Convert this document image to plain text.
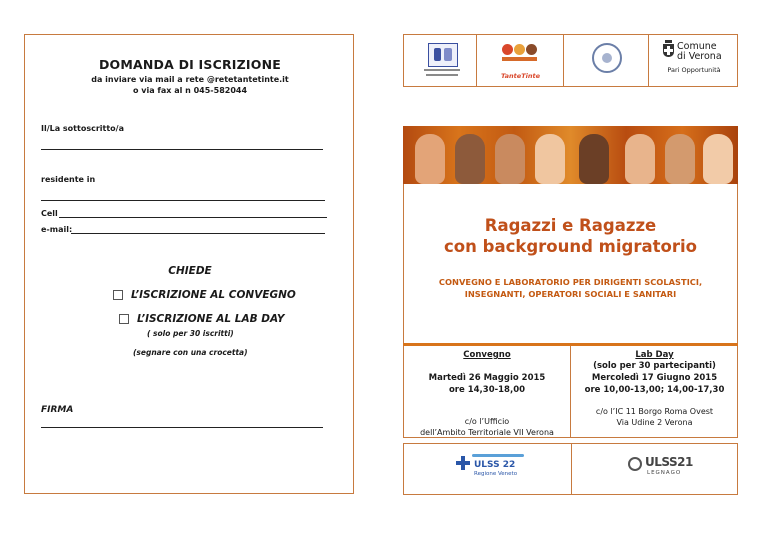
DOMANDA DI ISCRIZIONE
da inviare via mail a rete @retetantetinte.it
o via fax al n 045-582044
Il/La sottoscritto/a
residente in
Cell
e-mail:
CHIEDE
L’ISCRIZIONE AL CONVEGNO
L’ISCRIZIONE AL LAB DAY
( solo per 30 iscritti)
(segnare con una crocetta)
FIRMA
TanteTinte
Comune
di Verona
Pari Opportunità
Ragazzi e Ragazze
con background migratorio
CONVEGNO E LABORATORIO PER DIRIGENTI SCOLASTICI,
INSEGNANTI, OPERATORI SOCIALI E SANITARI
Convegno
Martedì 26 Maggio 2015
ore 14,30-18,00
c/o l’Ufficio
dell’Ambito Territoriale VII Verona
Lab Day
(solo per 30 partecipanti)
Mercoledì 17 Giugno 2015
ore 10,00-13,00; 14,00-17,30
c/o l’IC 11 Borgo Roma Ovest
Via Udine 2 Verona
ULSS 22
Regione Veneto
ULSS21
LEGNAGO
